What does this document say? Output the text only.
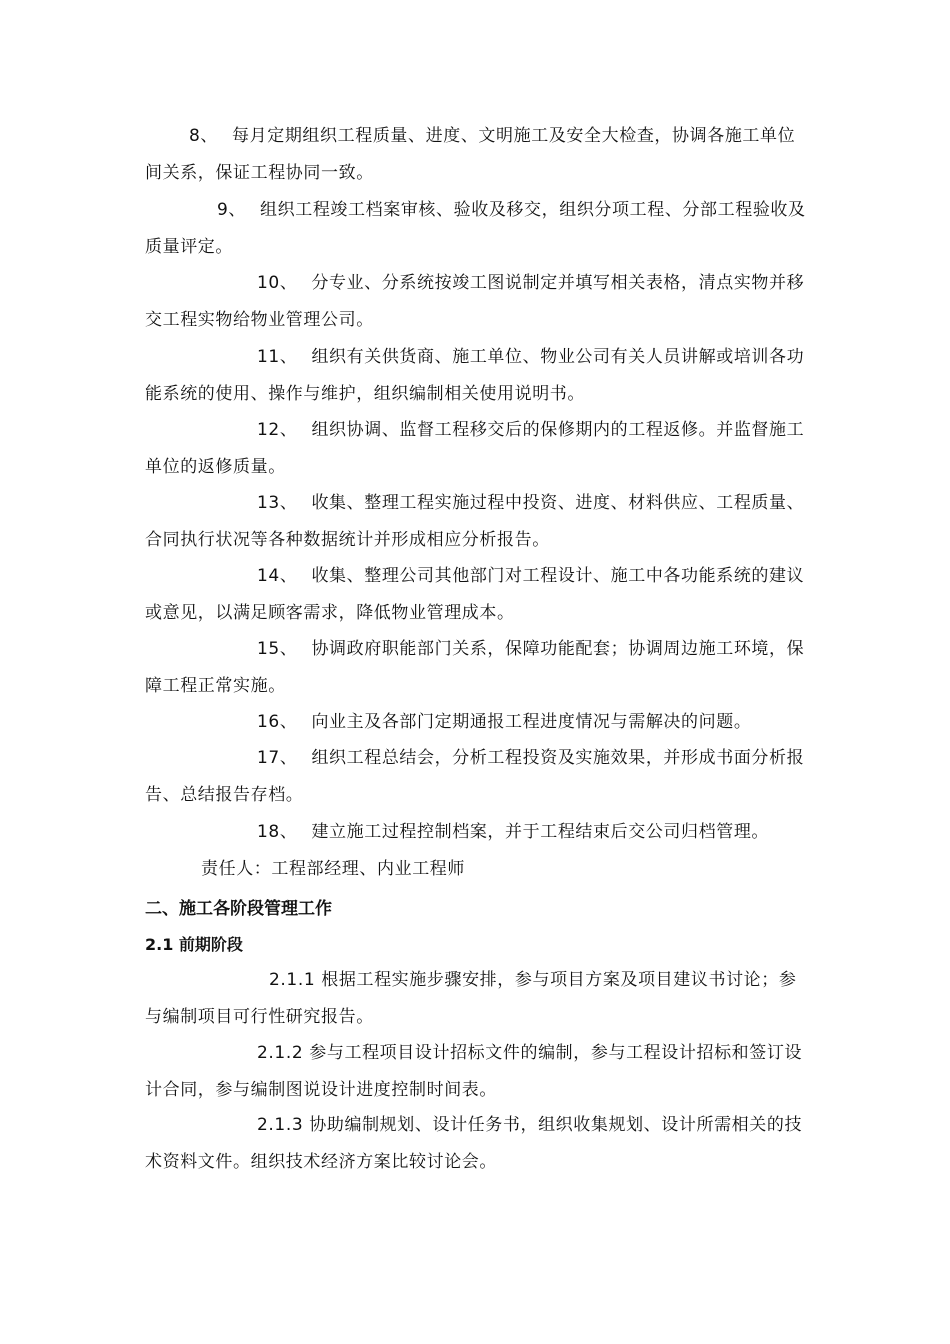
8、 每月定期组织工程质量、进度、文明施工及安全大检查，协调各施工单位间关系，保证工程协同一致。

9、 组织工程竣工档案审核、验收及移交，组织分项工程、分部工程验收及质量评定。

10、 分专业、分系统按竣工图说制定并填写相关表格，清点实物并移交工程实物给物业管理公司。

11、 组织有关供货商、施工单位、物业公司有关人员讲解或培训各功能系统的使用、操作与维护，组织编制相关使用说明书。

12、 组织协调、监督工程移交后的保修期内的工程返修。并监督施工单位的返修质量。

13、 收集、整理工程实施过程中投资、进度、材料供应、工程质量、合同执行状况等各种数据统计并形成相应分析报告。

14、 收集、整理公司其他部门对工程设计、施工中各功能系统的建议或意见，以满足顾客需求，降低物业管理成本。

15、 协调政府职能部门关系，保障功能配套；协调周边施工环境，保障工程正常实施。

16、 向业主及各部门定期通报工程进度情况与需解决的问题。

17、 组织工程总结会，分析工程投资及实施效果，并形成书面分析报告、总结报告存档。

18、 建立施工过程控制档案，并于工程结束后交公司归档管理。

责任人：工程部经理、内业工程师

二、施工各阶段管理工作

2.1 前期阶段

2.1.1 根据工程实施步骤安排，参与项目方案及项目建议书讨论；参与编制项目可行性研究报告。

2.1.2 参与工程项目设计招标文件的编制，参与工程设计招标和签订设计合同，参与编制图说设计进度控制时间表。

2.1.3 协助编制规划、设计任务书，组织收集规划、设计所需相关的技术资料文件。组织技术经济方案比较讨论会。
